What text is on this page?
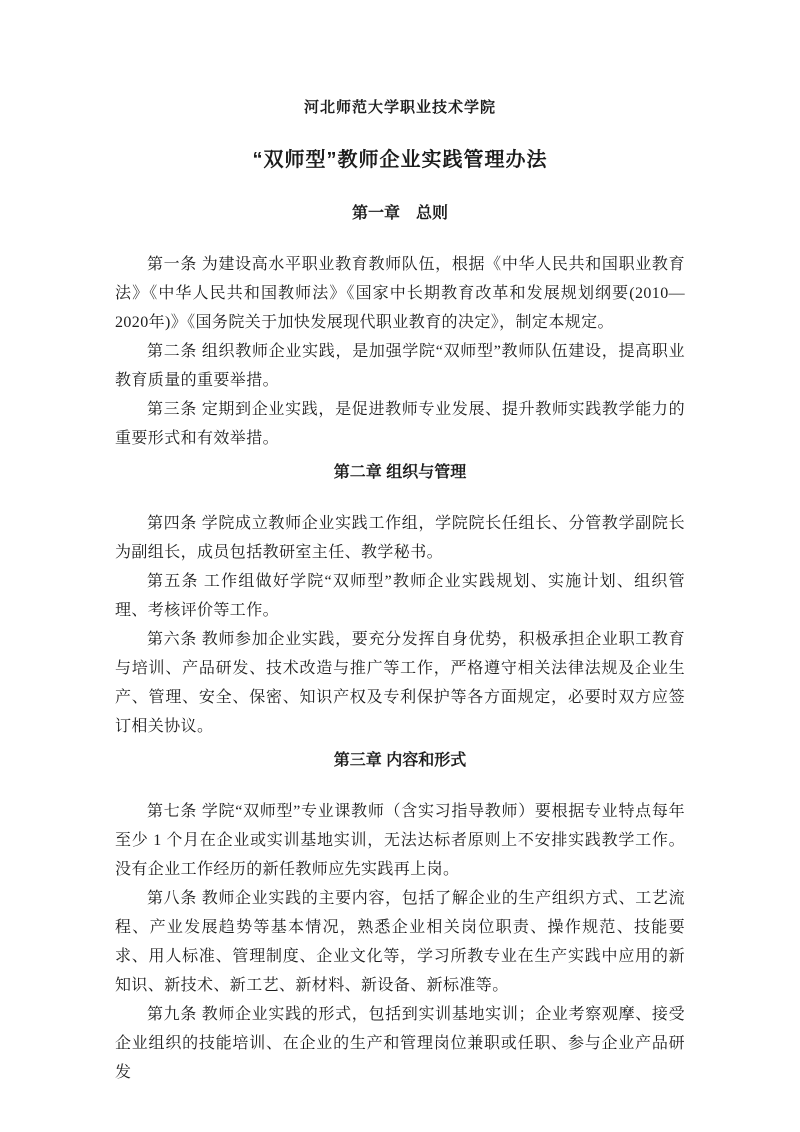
河北师范大学职业技术学院
“双师型”教师企业实践管理办法
第一章　总则

第一条 为建设高水平职业教育教师队伍，根据《中华人民共和国职业教育法》《中华人民共和国教师法》《国家中长期教育改革和发展规划纲要(2010—2020年)》《国务院关于加快发展现代职业教育的决定》，制定本规定。

第二条 组织教师企业实践，是加强学院“双师型”教师队伍建设，提高职业教育质量的重要举措。

第三条 定期到企业实践，是促进教师专业发展、提升教师实践教学能力的重要形式和有效举措。

第二章 组织与管理

第四条 学院成立教师企业实践工作组，学院院长任组长、分管教学副院长为副组长，成员包括教研室主任、教学秘书。

第五条 工作组做好学院“双师型”教师企业实践规划、实施计划、组织管理、考核评价等工作。

第六条 教师参加企业实践，要充分发挥自身优势，积极承担企业职工教育与培训、产品研发、技术改造与推广等工作，严格遵守相关法律法规及企业生产、管理、安全、保密、知识产权及专利保护等各方面规定，必要时双方应签订相关协议。

第三章 内容和形式

第七条 学院“双师型”专业课教师（含实习指导教师）要根据专业特点每年至少 1 个月在企业或实训基地实训，无法达标者原则上不安排实践教学工作。没有企业工作经历的新任教师应先实践再上岗。

第八条 教师企业实践的主要内容，包括了解企业的生产组织方式、工艺流程、产业发展趋势等基本情况，熟悉企业相关岗位职责、操作规范、技能要求、用人标准、管理制度、企业文化等，学习所教专业在生产实践中应用的新知识、新技术、新工艺、新材料、新设备、新标准等。

第九条 教师企业实践的形式，包括到实训基地实训；企业考察观摩、接受企业组织的技能培训、在企业的生产和管理岗位兼职或任职、参与企业产品研发
